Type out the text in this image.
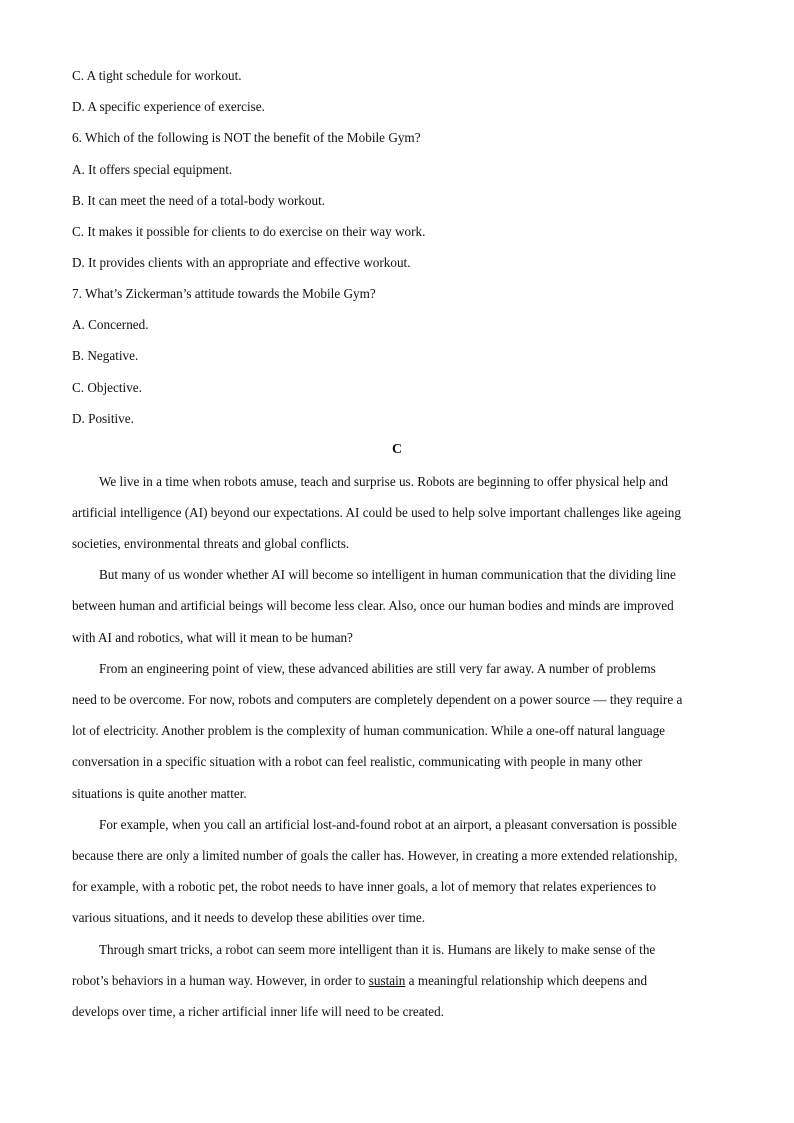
C. A tight schedule for workout.
D. A specific experience of exercise.
6. Which of the following is NOT the benefit of the Mobile Gym?
A. It offers special equipment.
B. It can meet the need of a total-body workout.
C. It makes it possible for clients to do exercise on their way work.
D. It provides clients with an appropriate and effective workout.
7. What’s Zickerman’s attitude towards the Mobile Gym?
A. Concerned.
B. Negative.
C. Objective.
D. Positive.
C
We live in a time when robots amuse, teach and surprise us. Robots are beginning to offer physical help and
artificial intelligence (AI) beyond our expectations. AI could be used to help solve important challenges like ageing
societies, environmental threats and global conflicts.
But many of us wonder whether AI will become so intelligent in human communication that the dividing line
between human and artificial beings will become less clear. Also, once our human bodies and minds are improved
with AI and robotics, what will it mean to be human?
From an engineering point of view, these advanced abilities are still very far away. A number of problems
need to be overcome. For now, robots and computers are completely dependent on a power source — they require a
lot of electricity. Another problem is the complexity of human communication. While a one-off natural language
conversation in a specific situation with a robot can feel realistic, communicating with people in many other
situations is quite another matter.
For example, when you call an artificial lost-and-found robot at an airport, a pleasant conversation is possible
because there are only a limited number of goals the caller has. However, in creating a more extended relationship,
for example, with a robotic pet, the robot needs to have inner goals, a lot of memory that relates experiences to
various situations, and it needs to develop these abilities over time.
Through smart tricks, a robot can seem more intelligent than it is. Humans are likely to make sense of the
robot’s behaviors in a human way. However, in order to sustain a meaningful relationship which deepens and
develops over time, a richer artificial inner life will need to be created.
